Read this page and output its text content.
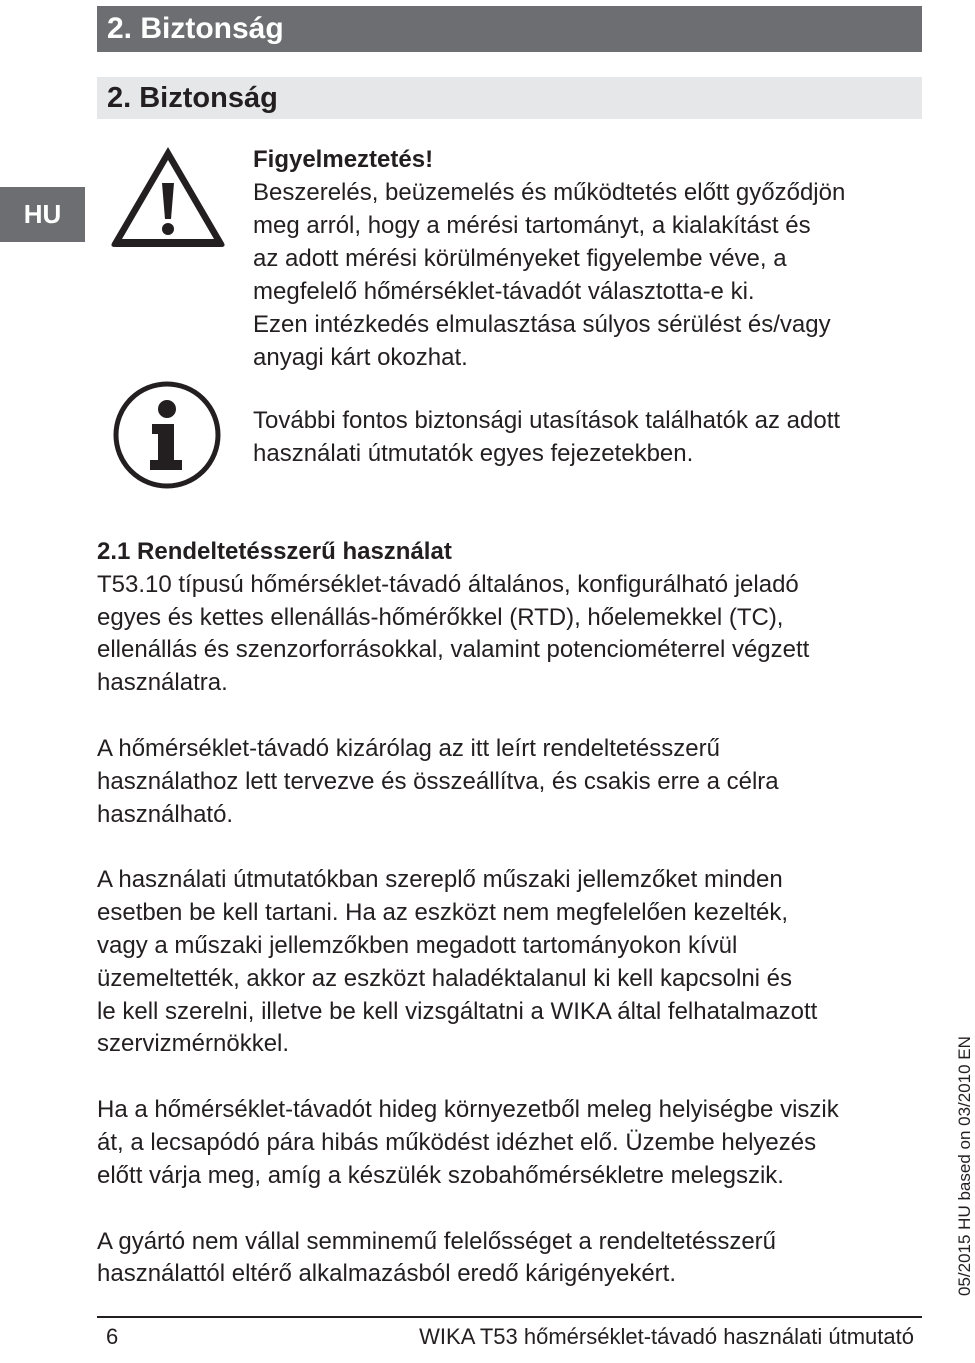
2. Biztonság
2. Biztonság
HU
Figyelmeztetés!
Beszerelés, beüzemelés és működtetés előtt győződjön
meg arról, hogy a mérési tartományt, a kialakítást és
az adott mérési körülményeket figyelembe véve, a
megfelelő hőmérséklet-távadót választotta-e ki.
Ezen intézkedés elmulasztása súlyos sérülést és/vagy
anyagi kárt okozhat.
További fontos biztonsági utasítások találhatók az adott
használati útmutatók egyes fejezetekben.
2.1 Rendeltetésszerű használat

T53.10 típusú hőmérséklet-távadó általános, konfigurálható jeladó
egyes és kettes ellenállás-hőmérőkkel (RTD), hőelemekkel (TC),
ellenállás és szenzorforrásokkal, valamint potenciométerrel végzett
használatra.

A hőmérséklet-távadó kizárólag az itt leírt rendeltetésszerű
használathoz lett tervezve és összeállítva, és csakis erre a célra
használható.

A használati útmutatókban szereplő műszaki jellemzőket minden
esetben be kell tartani. Ha az eszközt nem megfelelően kezelték,
vagy a műszaki jellemzőkben megadott tartományokon kívül
üzemeltették, akkor az eszközt haladéktalanul ki kell kapcsolni és
le kell szerelni, illetve be kell vizsgáltatni a WIKA által felhatalmazott
szervizmérnökkel.

Ha a hőmérséklet-távadót hideg környezetből meleg helyiségbe viszik
át, a lecsapódó pára hibás működést idézhet elő. Üzembe helyezés
előtt várja meg, amíg a készülék szobahőmérsékletre melegszik.

A gyártó nem vállal semminemű felelősséget a rendeltetésszerű
használattól eltérő alkalmazásból eredő kárigényekért.	05/2015 HU based on 03/2010 EN
6	WIKA T53 hőmérséklet-távadó használati útmutató
